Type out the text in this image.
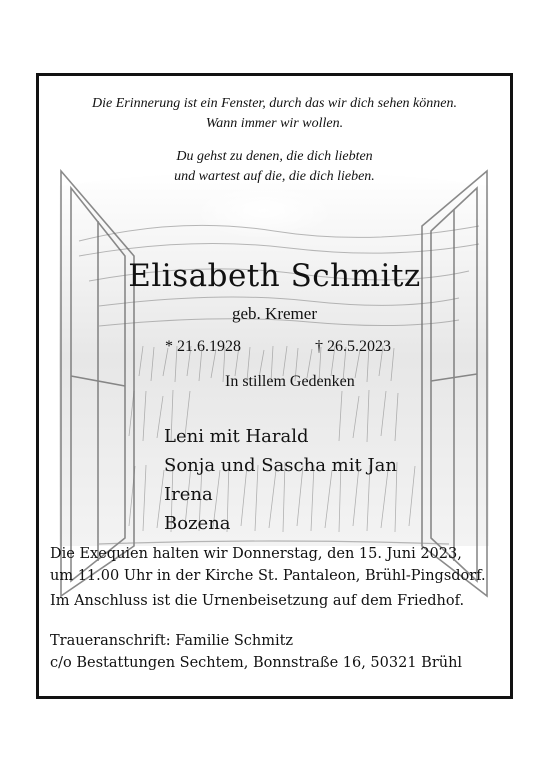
Die Erinnerung ist ein Fenster, durch das wir dich sehen können.
Wann immer wir wollen.
Du gehst zu denen, die dich liebten
und wartest auf die, die dich lieben.
Elisabeth Schmitz
geb. Kremer
* 21.6.1928	† 26.5.2023
In stillem Gedenken
Leni mit Harald
Sonja und Sascha mit Jan
Irena
Bozena
Die Exequien halten wir Donnerstag, den 15. Juni 2023,
um 11.00 Uhr in der Kirche St. Pantaleon, Brühl-Pingsdorf.
Im Anschluss ist die Urnenbeisetzung auf dem Friedhof.
Traueranschrift: Familie Schmitz
c/o Bestattungen Sechtem, Bonnstraße 16, 50321 Brühl
